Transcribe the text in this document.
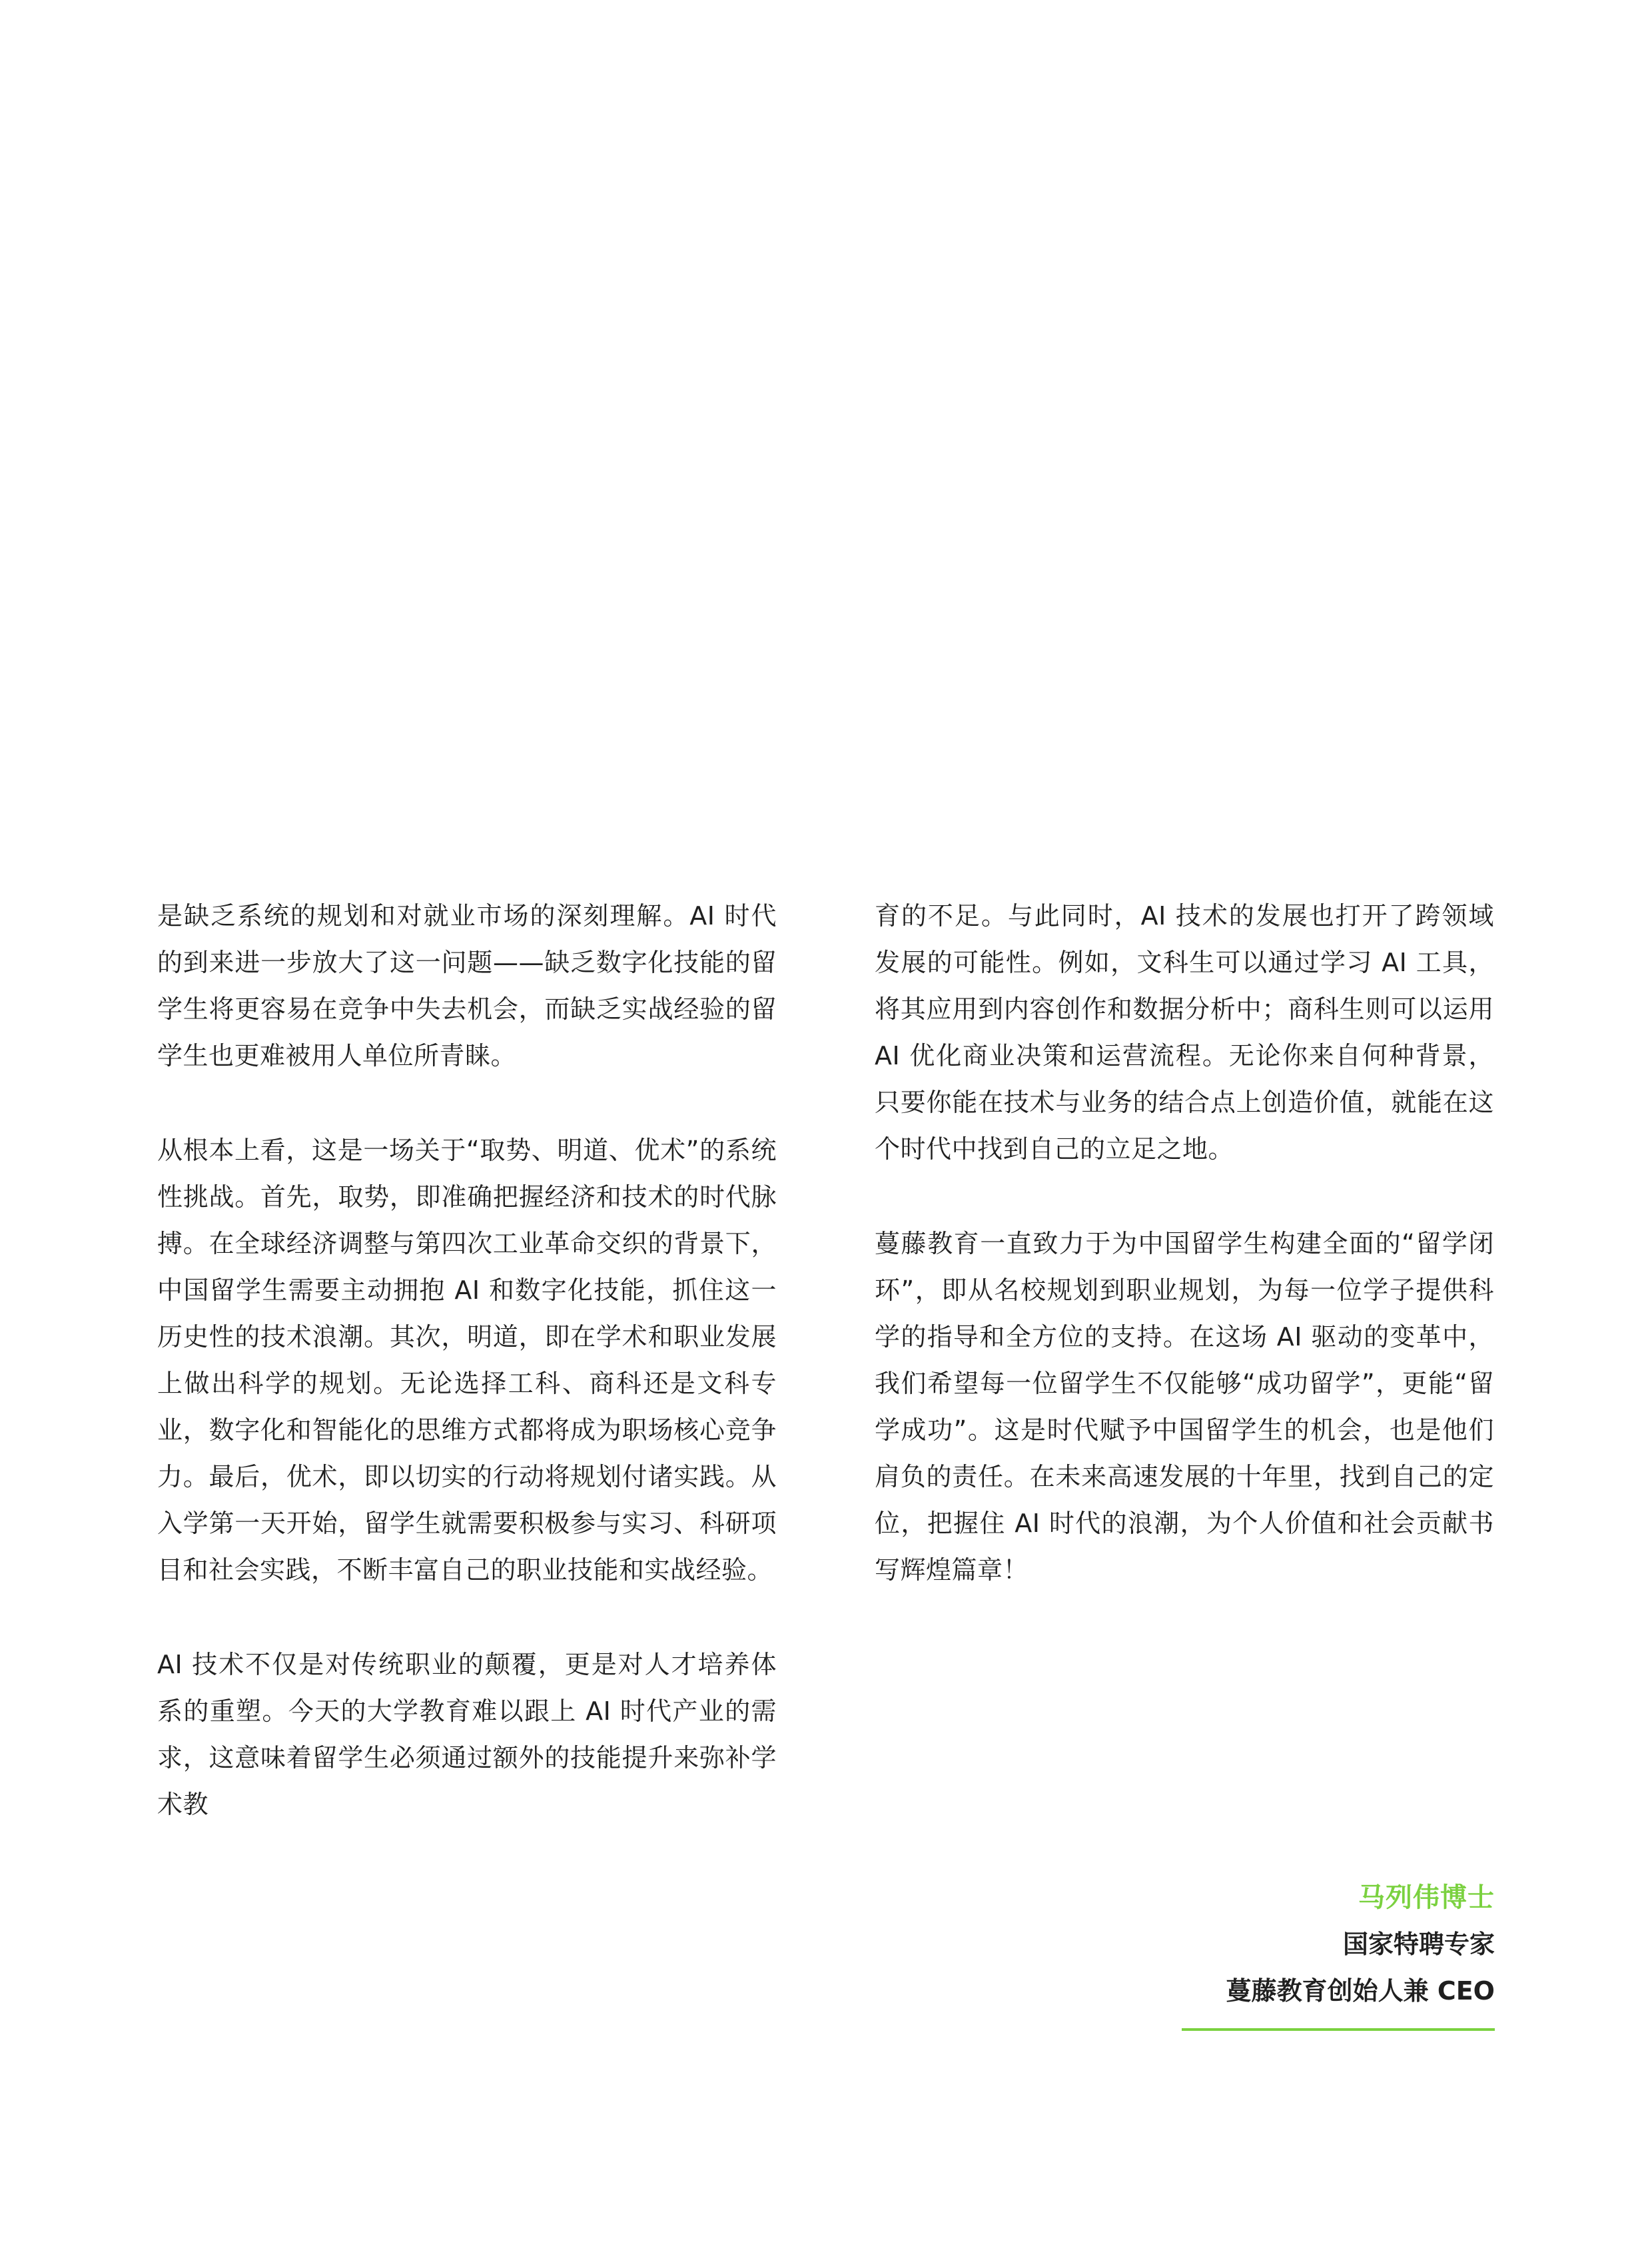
是缺乏系统的规划和对就业市场的深刻理解。AI 时代的到来进一步放大了这一问题——缺乏数字化技能的留学生将更容易在竞争中失去机会，而缺乏实战经验的留学生也更难被用人单位所青睐。

从根本上看，这是一场关于“取势、明道、优术”的系统性挑战。首先，取势，即准确把握经济和技术的时代脉搏。在全球经济调整与第四次工业革命交织的背景下，中国留学生需要主动拥抱 AI 和数字化技能，抓住这一历史性的技术浪潮。其次，明道，即在学术和职业发展上做出科学的规划。无论选择工科、商科还是文科专业，数字化和智能化的思维方式都将成为职场核心竞争力。最后，优术，即以切实的行动将规划付诸实践。从入学第一天开始，留学生就需要积极参与实习、科研项目和社会实践，不断丰富自己的职业技能和实战经验。

AI 技术不仅是对传统职业的颠覆，更是对人才培养体系的重塑。今天的大学教育难以跟上 AI 时代产业的需求，这意味着留学生必须通过额外的技能提升来弥补学术教

育的不足。与此同时，AI 技术的发展也打开了跨领域发展的可能性。例如，文科生可以通过学习 AI 工具，将其应用到内容创作和数据分析中；商科生则可以运用 AI 优化商业决策和运营流程。无论你来自何种背景，只要你能在技术与业务的结合点上创造价值，就能在这个时代中找到自己的立足之地。

蔓藤教育一直致力于为中国留学生构建全面的“留学闭环”，即从名校规划到职业规划，为每一位学子提供科学的指导和全方位的支持。在这场 AI 驱动的变革中，我们希望每一位留学生不仅能够“成功留学”，更能“留学成功”。这是时代赋予中国留学生的机会，也是他们肩负的责任。在未来高速发展的十年里，找到自己的定位，把握住 AI 时代的浪潮，为个人价值和社会贡献书写辉煌篇章！

马列伟博士
国家特聘专家
蔓藤教育创始人兼 CEO
